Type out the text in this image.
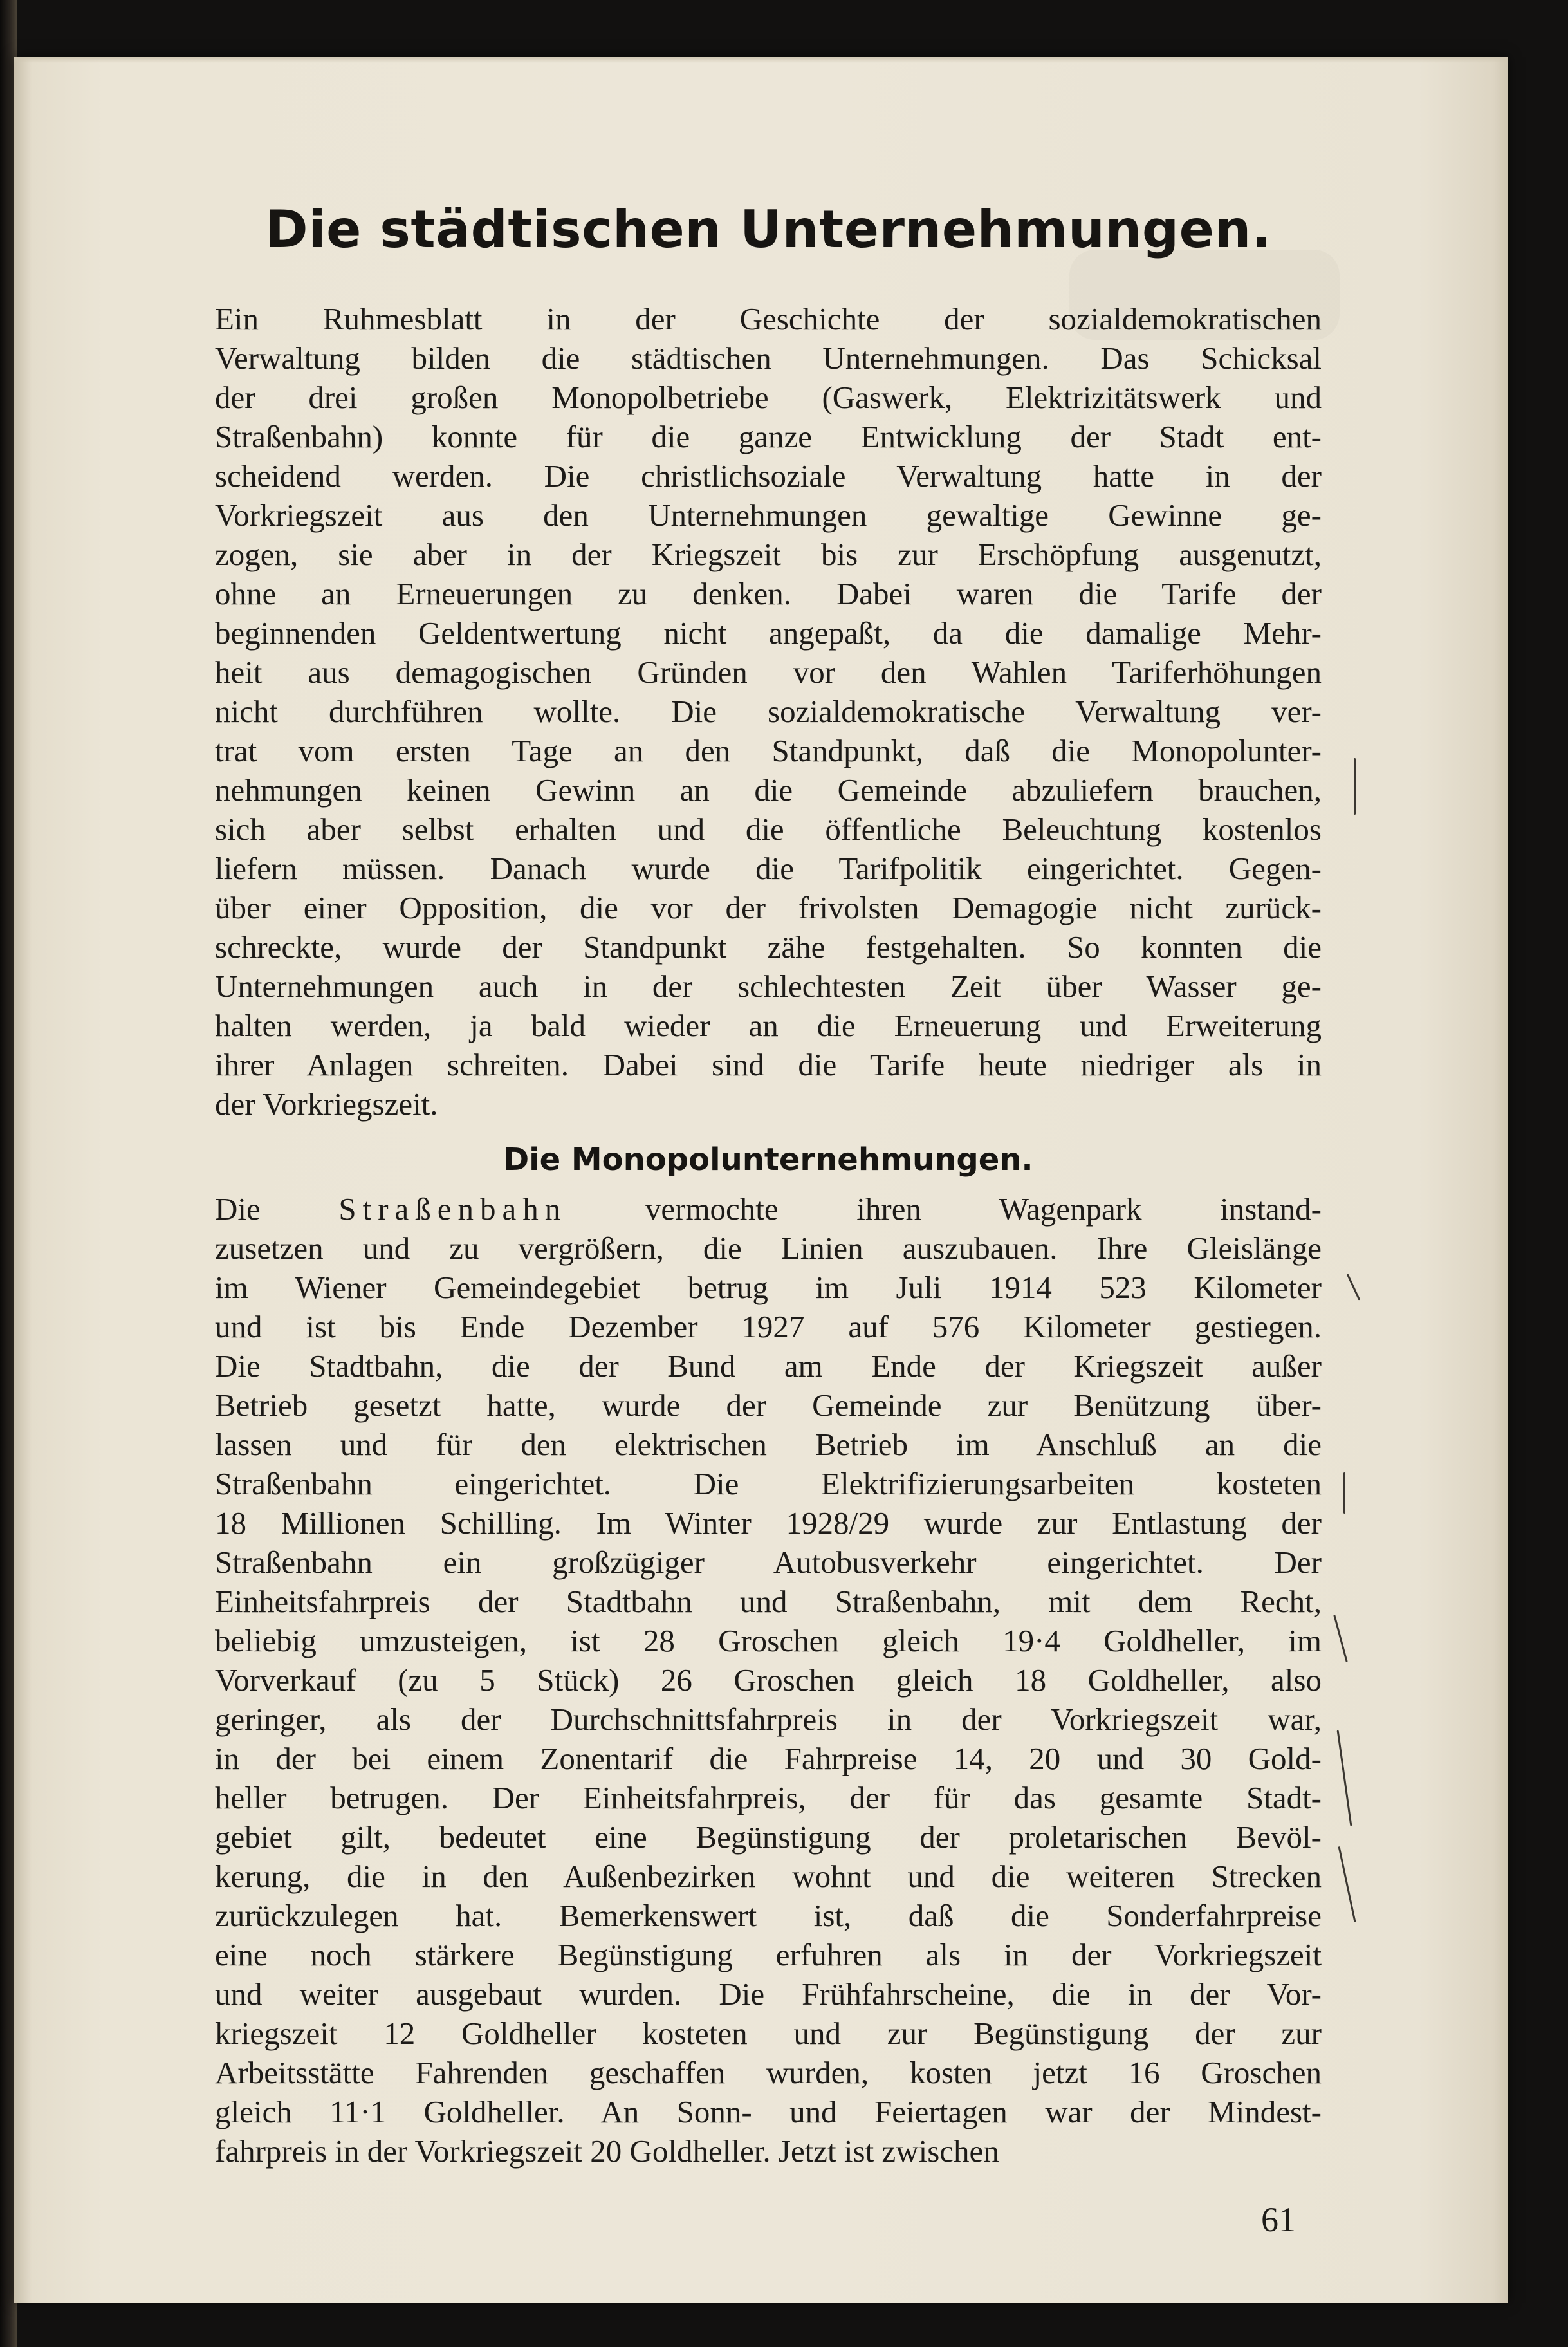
Die städtischen Unternehmungen.
Ein Ruhmesblatt in der Geschichte der sozialdemokratischen
Verwaltung bilden die städtischen Unternehmungen. Das Schicksal
der drei großen Monopolbetriebe (Gaswerk, Elektrizitätswerk und
Straßenbahn) konnte für die ganze Entwicklung der Stadt ent-
scheidend werden. Die christlichsoziale Verwaltung hatte in der
Vorkriegszeit aus den Unternehmungen gewaltige Gewinne ge-
zogen, sie aber in der Kriegszeit bis zur Erschöpfung ausgenutzt,
ohne an Erneuerungen zu denken. Dabei waren die Tarife der
beginnenden Geldentwertung nicht angepaßt, da die damalige Mehr-
heit aus demagogischen Gründen vor den Wahlen Tariferhöhungen
nicht durchführen wollte. Die sozialdemokratische Verwaltung ver-
trat vom ersten Tage an den Standpunkt, daß die Monopolunter-
nehmungen keinen Gewinn an die Gemeinde abzuliefern brauchen,
sich aber selbst erhalten und die öffentliche Beleuchtung kostenlos
liefern müssen. Danach wurde die Tarifpolitik eingerichtet. Gegen-
über einer Opposition, die vor der frivolsten Demagogie nicht zurück-
schreckte, wurde der Standpunkt zähe festgehalten. So konnten die
Unternehmungen auch in der schlechtesten Zeit über Wasser ge-
halten werden, ja bald wieder an die Erneuerung und Erweiterung
ihrer Anlagen schreiten. Dabei sind die Tarife heute niedriger als in
der Vorkriegszeit.
Die Monopolunternehmungen.
Die Straßenbahn vermochte ihren Wagenpark instand-
zusetzen und zu vergrößern, die Linien auszubauen. Ihre Gleislänge
im Wiener Gemeindegebiet betrug im Juli 1914 523 Kilometer
und ist bis Ende Dezember 1927 auf 576 Kilometer gestiegen.
Die Stadtbahn, die der Bund am Ende der Kriegszeit außer
Betrieb gesetzt hatte, wurde der Gemeinde zur Benützung über-
lassen und für den elektrischen Betrieb im Anschluß an die
Straßenbahn eingerichtet. Die Elektrifizierungsarbeiten kosteten
18 Millionen Schilling. Im Winter 1928/29 wurde zur Entlastung der
Straßenbahn ein großzügiger Autobusverkehr eingerichtet. Der
Einheitsfahrpreis der Stadtbahn und Straßenbahn, mit dem Recht,
beliebig umzusteigen, ist 28 Groschen gleich 19·4 Goldheller, im
Vorverkauf (zu 5 Stück) 26 Groschen gleich 18 Goldheller, also
geringer, als der Durchschnittsfahrpreis in der Vorkriegszeit war,
in der bei einem Zonentarif die Fahrpreise 14, 20 und 30 Gold-
heller betrugen. Der Einheitsfahrpreis, der für das gesamte Stadt-
gebiet gilt, bedeutet eine Begünstigung der proletarischen Bevöl-
kerung, die in den Außenbezirken wohnt und die weiteren Strecken
zurückzulegen hat. Bemerkenswert ist, daß die Sonderfahrpreise
eine noch stärkere Begünstigung erfuhren als in der Vorkriegszeit
und weiter ausgebaut wurden. Die Frühfahrscheine, die in der Vor-
kriegszeit 12 Goldheller kosteten und zur Begünstigung der zur
Arbeitsstätte Fahrenden geschaffen wurden, kosten jetzt 16 Groschen
gleich 11·1 Goldheller. An Sonn- und Feiertagen war der Mindest-
fahrpreis in der Vorkriegszeit 20 Goldheller. Jetzt ist zwischen
61
